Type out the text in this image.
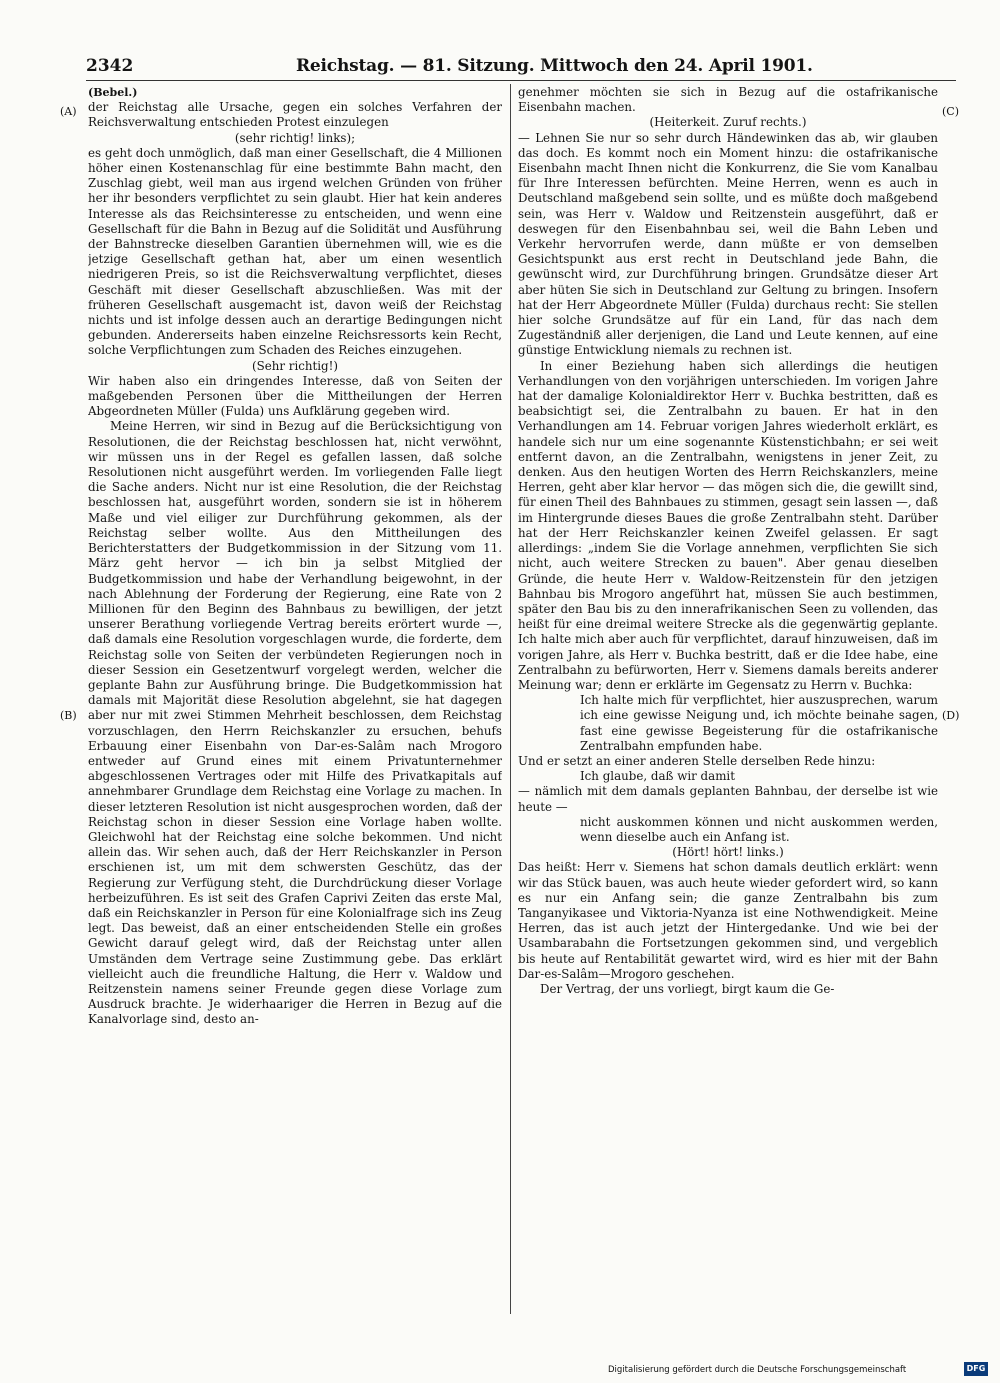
2342	Reichstag. — 81. Sitzung. Mittwoch den 24. April 1901.
(A)
(B)
(C)
(D)

(Bebel.)

der Reichstag alle Ursache, gegen ein solches Verfahren der Reichsverwaltung entschieden Protest einzulegen

(sehr richtig! links);

es geht doch unmöglich, daß man einer Gesellschaft, die 4 Millionen höher einen Kostenanschlag für eine bestimmte Bahn macht, den Zuschlag giebt, weil man aus irgend welchen Gründen von früher her ihr besonders verpflichtet zu sein glaubt. Hier hat kein anderes Interesse als das Reichsinteresse zu entscheiden, und wenn eine Gesellschaft für die Bahn in Bezug auf die Solidität und Ausführung der Bahnstrecke dieselben Garantien übernehmen will, wie es die jetzige Gesellschaft gethan hat, aber um einen wesentlich niedrigeren Preis, so ist die Reichsverwaltung verpflichtet, dieses Geschäft mit dieser Gesellschaft abzuschließen. Was mit der früheren Gesellschaft ausgemacht ist, davon weiß der Reichstag nichts und ist infolge dessen auch an derartige Bedingungen nicht gebunden. Andererseits haben einzelne Reichsressorts kein Recht, solche Verpflichtungen zum Schaden des Reiches einzugehen.

(Sehr richtig!)

Wir haben also ein dringendes Interesse, daß von Seiten der maßgebenden Personen über die Mittheilungen der Herren Abgeordneten Müller (Fulda) uns Aufklärung gegeben wird.

Meine Herren, wir sind in Bezug auf die Berücksichtigung von Resolutionen, die der Reichstag beschlossen hat, nicht verwöhnt, wir müssen uns in der Regel es gefallen lassen, daß solche Resolutionen nicht ausgeführt werden. Im vorliegenden Falle liegt die Sache anders. Nicht nur ist eine Resolution, die der Reichstag beschlossen hat, ausgeführt worden, sondern sie ist in höherem Maße und viel eiliger zur Durchführung gekommen, als der Reichstag selber wollte. Aus den Mittheilungen des Berichterstatters der Budgetkommission in der Sitzung vom 11. März geht hervor — ich bin ja selbst Mitglied der Budgetkommission und habe der Verhandlung beigewohnt, in der nach Ablehnung der Forderung der Regierung, eine Rate von 2 Millionen für den Beginn des Bahnbaus zu bewilligen, der jetzt unserer Berathung vorliegende Vertrag bereits erörtert wurde —, daß damals eine Resolution vorgeschlagen wurde, die forderte, dem Reichstag solle von Seiten der verbündeten Regierungen noch in dieser Session ein Gesetzentwurf vorgelegt werden, welcher die geplante Bahn zur Ausführung bringe. Die Budgetkommission hat damals mit Majorität diese Resolution abgelehnt, sie hat dagegen aber nur mit zwei Stimmen Mehrheit beschlossen, dem Reichstag vorzuschlagen, den Herrn Reichskanzler zu ersuchen, behufs Erbauung einer Eisenbahn von Dar-es-Salâm nach Mrogoro entweder auf Grund eines mit einem Privatunternehmer abgeschlossenen Vertrages oder mit Hilfe des Privatkapitals auf annehmbarer Grundlage dem Reichstag eine Vorlage zu machen. In dieser letzteren Resolution ist nicht ausgesprochen worden, daß der Reichstag schon in dieser Session eine Vorlage haben wollte. Gleichwohl hat der Reichstag eine solche bekommen. Und nicht allein das. Wir sehen auch, daß der Herr Reichskanzler in Person erschienen ist, um mit dem schwersten Geschütz, das der Regierung zur Verfügung steht, die Durchdrückung dieser Vorlage herbeizuführen. Es ist seit des Grafen Caprivi Zeiten das erste Mal, daß ein Reichskanzler in Person für eine Kolonialfrage sich ins Zeug legt. Das beweist, daß an einer entscheidenden Stelle ein großes Gewicht darauf gelegt wird, daß der Reichstag unter allen Umständen dem Vertrage seine Zustimmung gebe. Das erklärt vielleicht auch die freundliche Haltung, die Herr v. Waldow und Reitzenstein namens seiner Freunde gegen diese Vorlage zum Ausdruck brachte. Je widerhaariger die Herren in Bezug auf die Kanalvorlage sind, desto an-

genehmer möchten sie sich in Bezug auf die ostafrikanische Eisenbahn machen.

(Heiterkeit. Zuruf rechts.)

— Lehnen Sie nur so sehr durch Händewinken das ab, wir glauben das doch. Es kommt noch ein Moment hinzu: die ostafrikanische Eisenbahn macht Ihnen nicht die Konkurrenz, die Sie vom Kanalbau für Ihre Interessen befürchten. Meine Herren, wenn es auch in Deutschland maßgebend sein sollte, und es müßte doch maßgebend sein, was Herr v. Waldow und Reitzenstein ausgeführt, daß er deswegen für den Eisenbahnbau sei, weil die Bahn Leben und Verkehr hervorrufen werde, dann müßte er von demselben Gesichtspunkt aus erst recht in Deutschland jede Bahn, die gewünscht wird, zur Durchführung bringen. Grundsätze dieser Art aber hüten Sie sich in Deutschland zur Geltung zu bringen. Insofern hat der Herr Abgeordnete Müller (Fulda) durchaus recht: Sie stellen hier solche Grundsätze auf für ein Land, für das nach dem Zugeständniß aller derjenigen, die Land und Leute kennen, auf eine günstige Entwicklung niemals zu rechnen ist.

In einer Beziehung haben sich allerdings die heutigen Verhandlungen von den vorjährigen unterschieden. Im vorigen Jahre hat der damalige Kolonialdirektor Herr v. Buchka bestritten, daß es beabsichtigt sei, die Zentralbahn zu bauen. Er hat in den Verhandlungen am 14. Februar vorigen Jahres wiederholt erklärt, es handele sich nur um eine sogenannte Küstenstichbahn; er sei weit entfernt davon, an die Zentralbahn, wenigstens in jener Zeit, zu denken. Aus den heutigen Worten des Herrn Reichskanzlers, meine Herren, geht aber klar hervor — das mögen sich die, die gewillt sind, für einen Theil des Bahnbaues zu stimmen, gesagt sein lassen —, daß im Hintergrunde dieses Baues die große Zentralbahn steht. Darüber hat der Herr Reichskanzler keinen Zweifel gelassen. Er sagt allerdings: „indem Sie die Vorlage annehmen, verpflichten Sie sich nicht, auch weitere Strecken zu bauen". Aber genau dieselben Gründe, die heute Herr v. Waldow-Reitzenstein für den jetzigen Bahnbau bis Mrogoro angeführt hat, müssen Sie auch bestimmen, später den Bau bis zu den innerafrikanischen Seen zu vollenden, das heißt für eine dreimal weitere Strecke als die gegenwärtig geplante. Ich halte mich aber auch für verpflichtet, darauf hinzuweisen, daß im vorigen Jahre, als Herr v. Buchka bestritt, daß er die Idee habe, eine Zentralbahn zu befürworten, Herr v. Siemens damals bereits anderer Meinung war; denn er erklärte im Gegensatz zu Herrn v. Buchka:

Ich halte mich für verpflichtet, hier auszusprechen, warum ich eine gewisse Neigung und, ich möchte beinahe sagen, fast eine gewisse Begeisterung für die ostafrikanische Zentralbahn empfunden habe.

Und er setzt an einer anderen Stelle derselben Rede hinzu:

Ich glaube, daß wir damit

— nämlich mit dem damals geplanten Bahnbau, der derselbe ist wie heute —

nicht auskommen können und nicht auskommen werden, wenn dieselbe auch ein Anfang ist.

(Hört! hört! links.)

Das heißt: Herr v. Siemens hat schon damals deutlich erklärt: wenn wir das Stück bauen, was auch heute wieder gefordert wird, so kann es nur ein Anfang sein; die ganze Zentralbahn bis zum Tanganyikasee und Viktoria-Nyanza ist eine Nothwendigkeit. Meine Herren, das ist auch jetzt der Hintergedanke. Und wie bei der Usambarabahn die Fortsetzungen gekommen sind, und vergeblich bis heute auf Rentabilität gewartet wird, wird es hier mit der Bahn Dar-es-Salâm—Mrogoro geschehen.

Der Vertrag, der uns vorliegt, birgt kaum die Ge-

Digitalisierung gefördert durch die Deutsche Forschungsgemeinschaft	DFG
